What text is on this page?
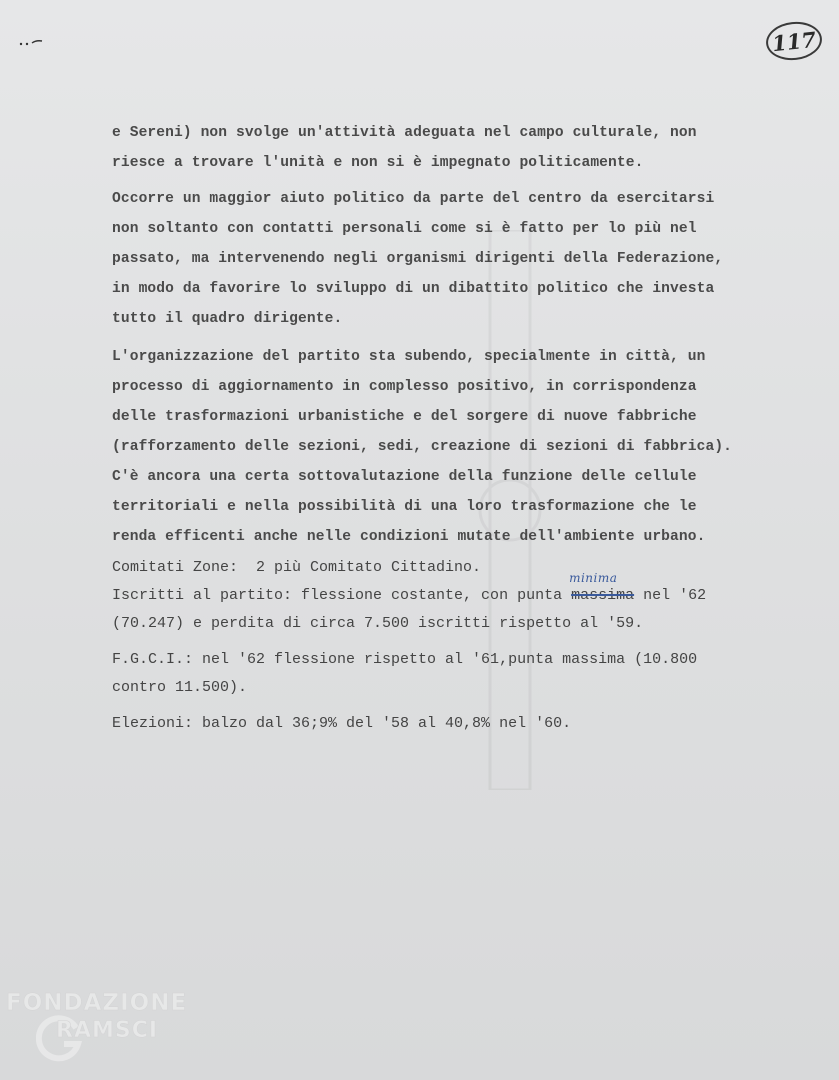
117
e Sereni) non svolge un'attività adeguata nel campo culturale, non
riesce a trovare l'unità e non si è impegnato politicamente.
Occorre un maggior aiuto politico da parte del centro da esercitarsi
non soltanto con contatti personali come si è fatto per lo più nel
passato, ma intervenendo negli organismi dirigenti della Federazione,
in modo da favorire lo sviluppo di un dibattito politico che investa
tutto il quadro dirigente.
L'organizzazione del partito sta subendo, specialmente in città, un
processo di aggiornamento in complesso positivo, in corrispondenza
delle trasformazioni urbanistiche e del sorgere di nuove fabbriche
(rafforzamento delle sezioni, sedi, creazione di sezioni di fabbrica).
C'è ancora una certa sottovalutazione della funzione delle cellule
territoriali e nella possibilità di una loro trasformazione che le
renda efficenti anche nelle condizioni mutate dell'ambiente urbano.
Comitati Zone:  2 più Comitato Cittadino.
Iscritti al partito: flessione costante, con punta massima
minima
nel '62
(70.247) e perdita di circa 7.500 iscritti rispetto al '59.
F.G.C.I.: nel '62 flessione rispetto al '61,punta massima (10.800
contro 11.500).
Elezioni: balzo dal 36;9% del '58 al 40,8% nel '60.
FONDAZIONE
RAMSCI
